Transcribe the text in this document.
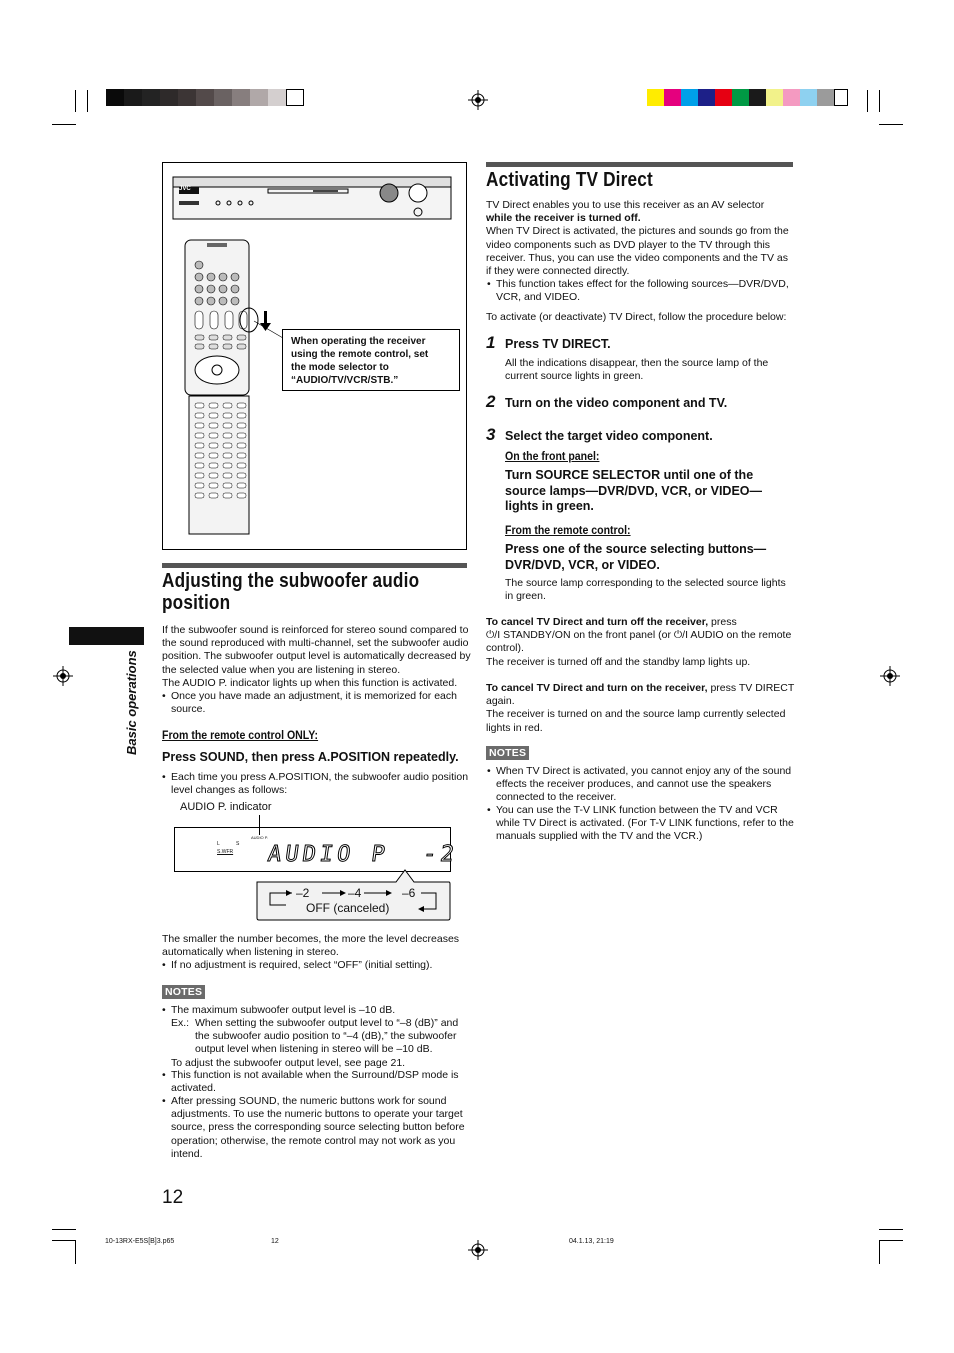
JVC
When operating the receiver
using the remote control, set
the mode selector to
“AUDIO/TV/VCR/STB.”
Adjusting the subwoofer audio
position
If the subwoofer sound is reinforced for stereo sound compared to
the sound reproduced with multi-channel, set the subwoofer audio
position. The subwoofer output level is automatically decreased by
the selected value when you are listening in stereo.
The AUDIO P. indicator lights up when this function is activated.
• Once you have made an adjustment, it is memorized for each
source.
From the remote control ONLY:
Press SOUND, then press A.POSITION repeatedly.
• Each time you press A.POSITION, the subwoofer audio position
level changes as follows:
AUDIO P. indicator
L	S
S.WFR
AUDIO P.
AUDIO P  -2
–2	–4	–6
OFF (canceled)
The smaller the number becomes, the more the level decreases
automatically when listening in stereo.
• If no adjustment is required, select “OFF” (initial setting).
NOTES
• The maximum subwoofer output level is –10 dB.
Ex.: When setting the subwoofer output level to “–8 (dB)” and
the subwoofer audio position to “–4 (dB),” the subwoofer
output level when listening in stereo will be –10 dB.
To adjust the subwoofer output level, see page 21.
• This function is not available when the Surround/DSP mode is
activated.
• After pressing SOUND, the numeric buttons work for sound
adjustments. To use the numeric buttons to operate your target
source, press the corresponding source selecting button before
operation; otherwise, the remote control may not work as you
intend.
Basic operations
12
Activating TV Direct
TV Direct enables you to use this receiver as an AV selector
while the receiver is turned off.
When TV Direct is activated, the pictures and sounds go from the
video components such as DVD player to the TV through this
receiver. Thus, you can use the video components and the TV as
if they were connected directly.
• This function takes effect for the following sources—DVR/DVD,
VCR, and VIDEO.
To activate (or deactivate) TV Direct, follow the procedure below:
1 Press TV DIRECT.
All the indications disappear, then the source lamp of the
current source lights in green.
2 Turn on the video component and TV.
3 Select the target video component.
On the front panel:
Turn SOURCE SELECTOR until one of the
source lamps—DVR/DVD, VCR, or VIDEO—
lights in green.
From the remote control:
Press one of the source selecting buttons—
DVR/DVD, VCR, or VIDEO.
The source lamp corresponding to the selected source lights
in green.
To cancel TV Direct and turn off the receiver, press
⏻/I STANDBY/ON on the front panel (or ⏻/I AUDIO on the remote
control).
The receiver is turned off and the standby lamp lights up.
To cancel TV Direct and turn on the receiver, press TV DIRECT
again.
The receiver is turned on and the source lamp currently selected
lights in red.
NOTES
• When TV Direct is activated, you cannot enjoy any of the sound
effects the receiver produces, and cannot use the speakers
connected to the receiver.
• You can use the T-V LINK function between the TV and VCR
while TV Direct is activated. (For T-V LINK functions, refer to the
manuals supplied with the TV and the VCR.)
10-13RX-E5S[B]3.p65	12	04.1.13, 21:19
